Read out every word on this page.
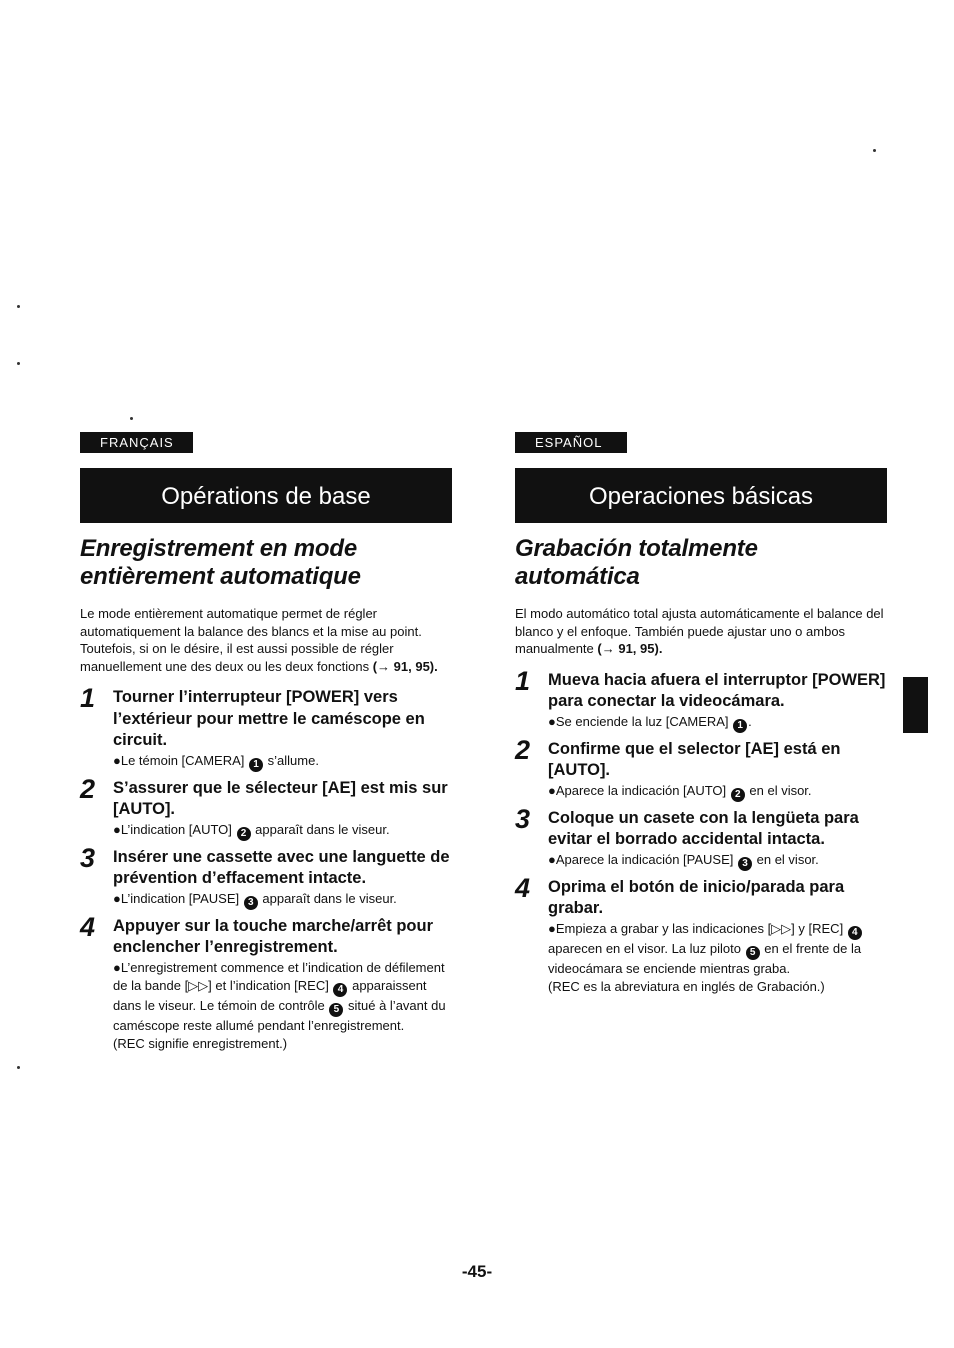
FRANÇAIS
Opérations de base
Enregistrement en mode
entièrement automatique
Le mode entièrement automatique permet de régler automatiquement la balance des blancs et la mise au point. Toutefois, si on le désire, il est aussi possible de régler manuellement une des deux ou les deux fonctions (→ 91, 95).
1 Tourner l’interrupteur [POWER] vers l’extérieur pour mettre le caméscope en circuit.
●Le témoin [CAMERA] 1 s’allume.
2 S’assurer que le sélecteur [AE] est mis sur [AUTO].
●L’indication [AUTO] 2 apparaît dans le viseur.
3 Insérer une cassette avec une languette de prévention d’effacement intacte.
●L’indication [PAUSE] 3 apparaît dans le viseur.
4 Appuyer sur la touche marche/arrêt pour enclencher l’enregistrement.
●L’enregistrement commence et l’indication de défilement de la bande [▷▷] et l’indication [REC] 4 apparaissent dans le viseur. Le témoin de contrôle 5 situé à l’avant du caméscope reste allumé pendant l’enregistrement.
(REC signifie enregistrement.)
ESPAÑOL
Operaciones básicas
Grabación totalmente
automática
El modo automático total ajusta automáticamente el balance del blanco y el enfoque. También puede ajustar uno o ambos manualmente (→ 91, 95).
1 Mueva hacia afuera el interruptor [POWER] para conectar la videocámara.
●Se enciende la luz [CAMERA] 1 .
2 Confirme que el selector [AE] está en [AUTO].
●Aparece la indicación [AUTO] 2 en el visor.
3 Coloque un casete con la lengüeta para evitar el borrado accidental intacta.
●Aparece la indicación [PAUSE] 3 en el visor.
4 Oprima el botón de inicio/parada para grabar.
●Empieza a grabar y las indicaciones [▷▷] y [REC] 4 aparecen en el visor. La luz piloto 5 en el frente de la videocámara se enciende mientras graba.
(REC es la abreviatura en inglés de Grabación.)
-45-
